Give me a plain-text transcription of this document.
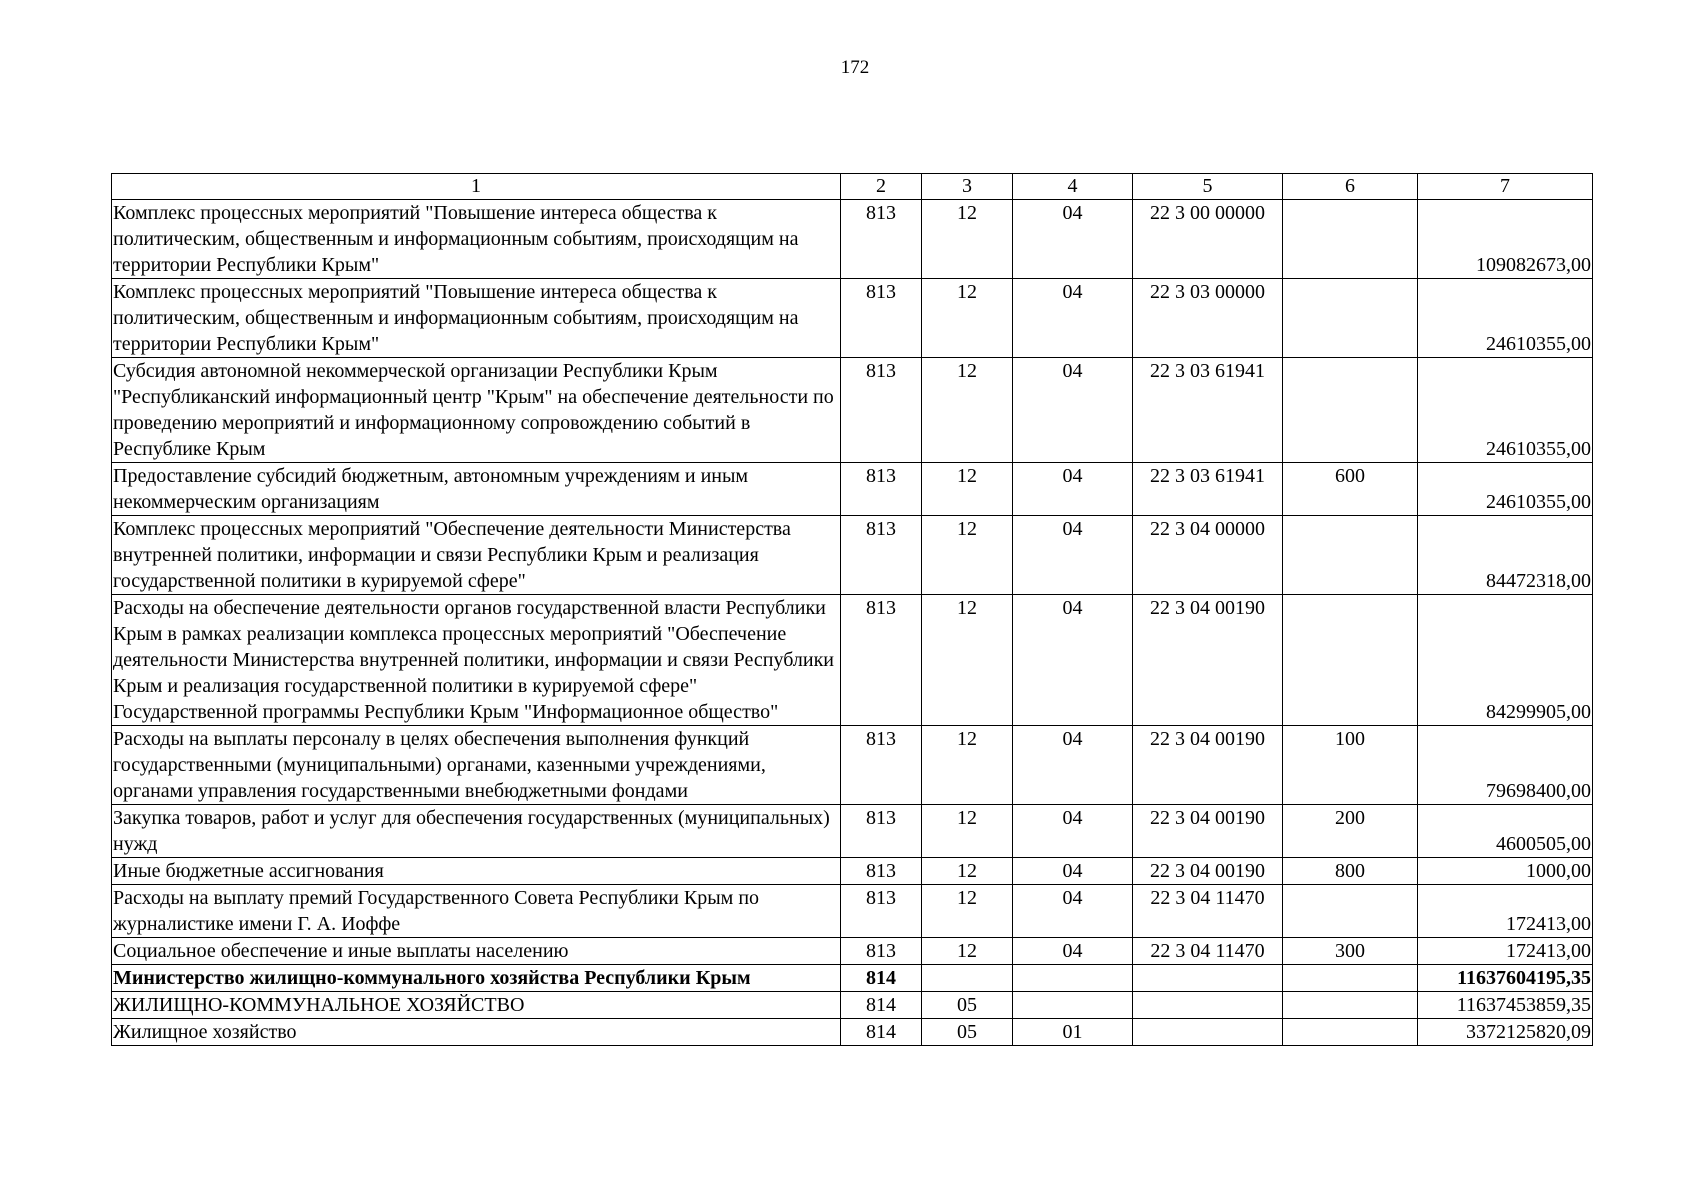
172
1	2	3	4	5	6	7
Комплекс процессных мероприятий "Повышение интереса общества к политическим, общественным и информационным событиям, происходящим на территории Республики Крым"	813	12	04	22 3 00 00000		109082673,00
Комплекс процессных мероприятий "Повышение интереса общества к политическим, общественным и информационным событиям, происходящим на территории Республики Крым"	813	12	04	22 3 03 00000		24610355,00
Субсидия автономной некоммерческой организации Республики Крым "Республиканский информационный центр "Крым" на обеспечение деятельности по проведению мероприятий и информационному сопровождению событий в Республике Крым	813	12	04	22 3 03 61941		24610355,00
Предоставление субсидий бюджетным, автономным учреждениям и иным некоммерческим организациям	813	12	04	22 3 03 61941	600	24610355,00
Комплекс процессных мероприятий "Обеспечение деятельности Министерства внутренней политики, информации и связи Республики Крым и реализация государственной политики в курируемой сфере"	813	12	04	22 3 04 00000		84472318,00
Расходы на обеспечение деятельности органов государственной власти Республики Крым в рамках реализации комплекса процессных мероприятий "Обеспечение деятельности Министерства внутренней политики, информации и связи Республики Крым и реализация государственной политики в курируемой сфере" Государственной программы Республики Крым "Информационное общество"	813	12	04	22 3 04 00190		84299905,00
Расходы на выплаты персоналу в целях обеспечения выполнения функций государственными (муниципальными) органами, казенными учреждениями, органами управления государственными внебюджетными фондами	813	12	04	22 3 04 00190	100	79698400,00
Закупка товаров, работ и услуг для обеспечения государственных (муниципальных) нужд	813	12	04	22 3 04 00190	200	4600505,00
Иные бюджетные ассигнования	813	12	04	22 3 04 00190	800	1000,00
Расходы на выплату премий Государственного Совета Республики Крым по журналистике имени Г. А. Иоффе	813	12	04	22 3 04 11470		172413,00
Социальное обеспечение и иные выплаты населению	813	12	04	22 3 04 11470	300	172413,00
Министерство жилищно-коммунального хозяйства Республики Крым	814					11637604195,35
ЖИЛИЩНО-КОММУНАЛЬНОЕ ХОЗЯЙСТВО	814	05				11637453859,35
Жилищное хозяйство	814	05	01			3372125820,09
